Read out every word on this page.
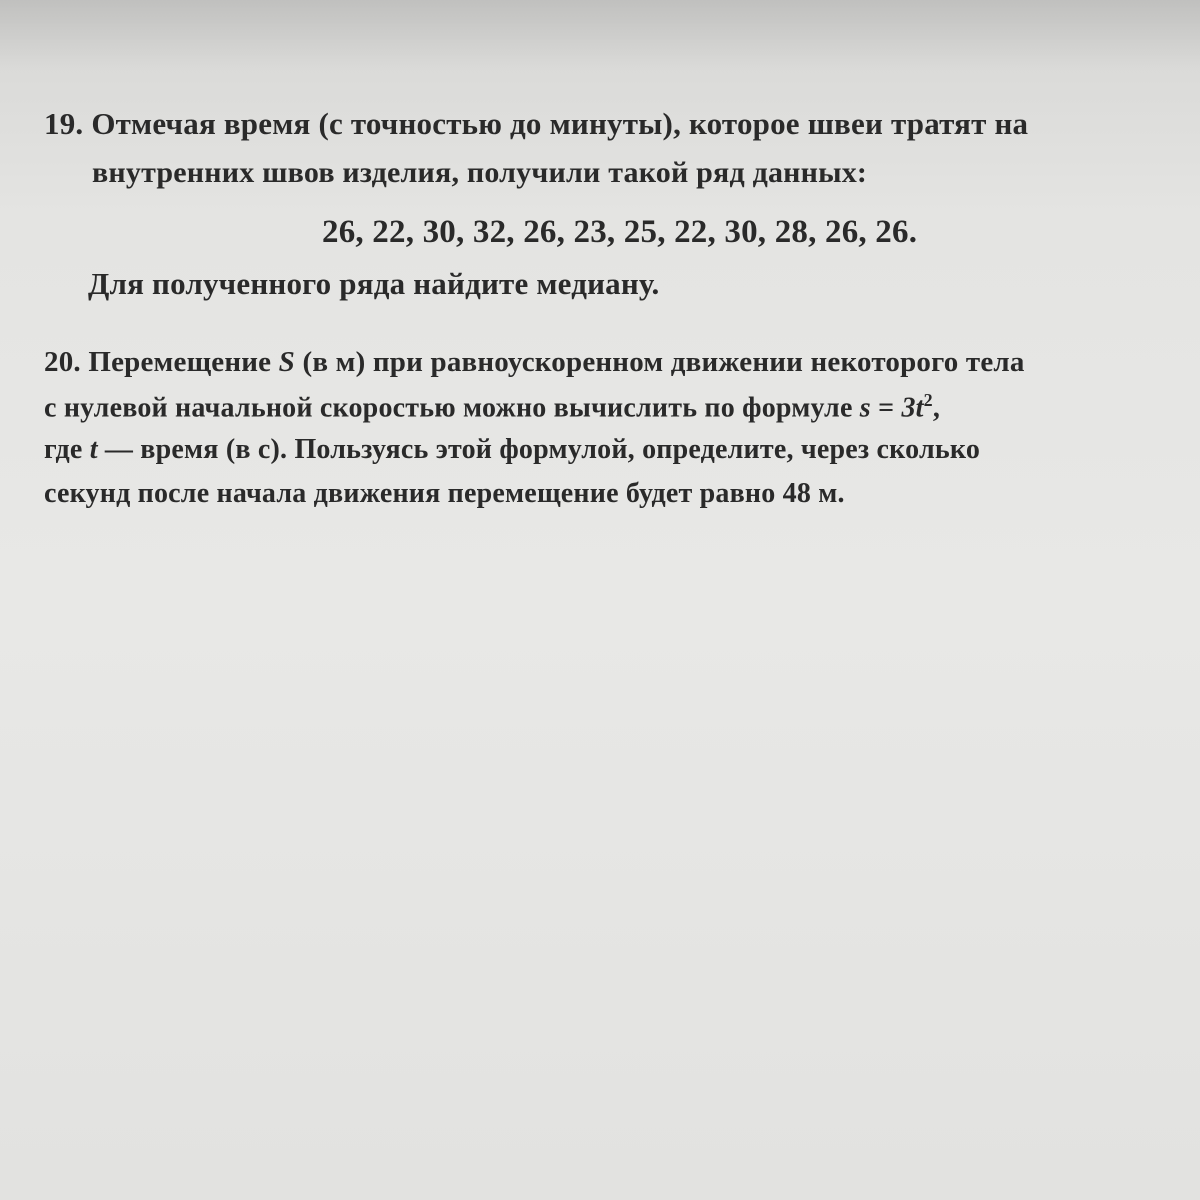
19. Отмечая время (с точностью до минуты), которое швеи тратят на
внутренних швов изделия, получили такой ряд данных:
26, 22, 30, 32, 26, 23, 25, 22, 30, 28, 26, 26.
Для полученного ряда найдите медиану.
20. Перемещение S (в м) при равноускоренном движении некоторого тела
с нулевой начальной скоростью можно вычислить по формуле $s = 3t^2$,
где t — время (в с). Пользуясь этой формулой, определите, через сколько
секунд после начала движения перемещение будет равно 48 м.
